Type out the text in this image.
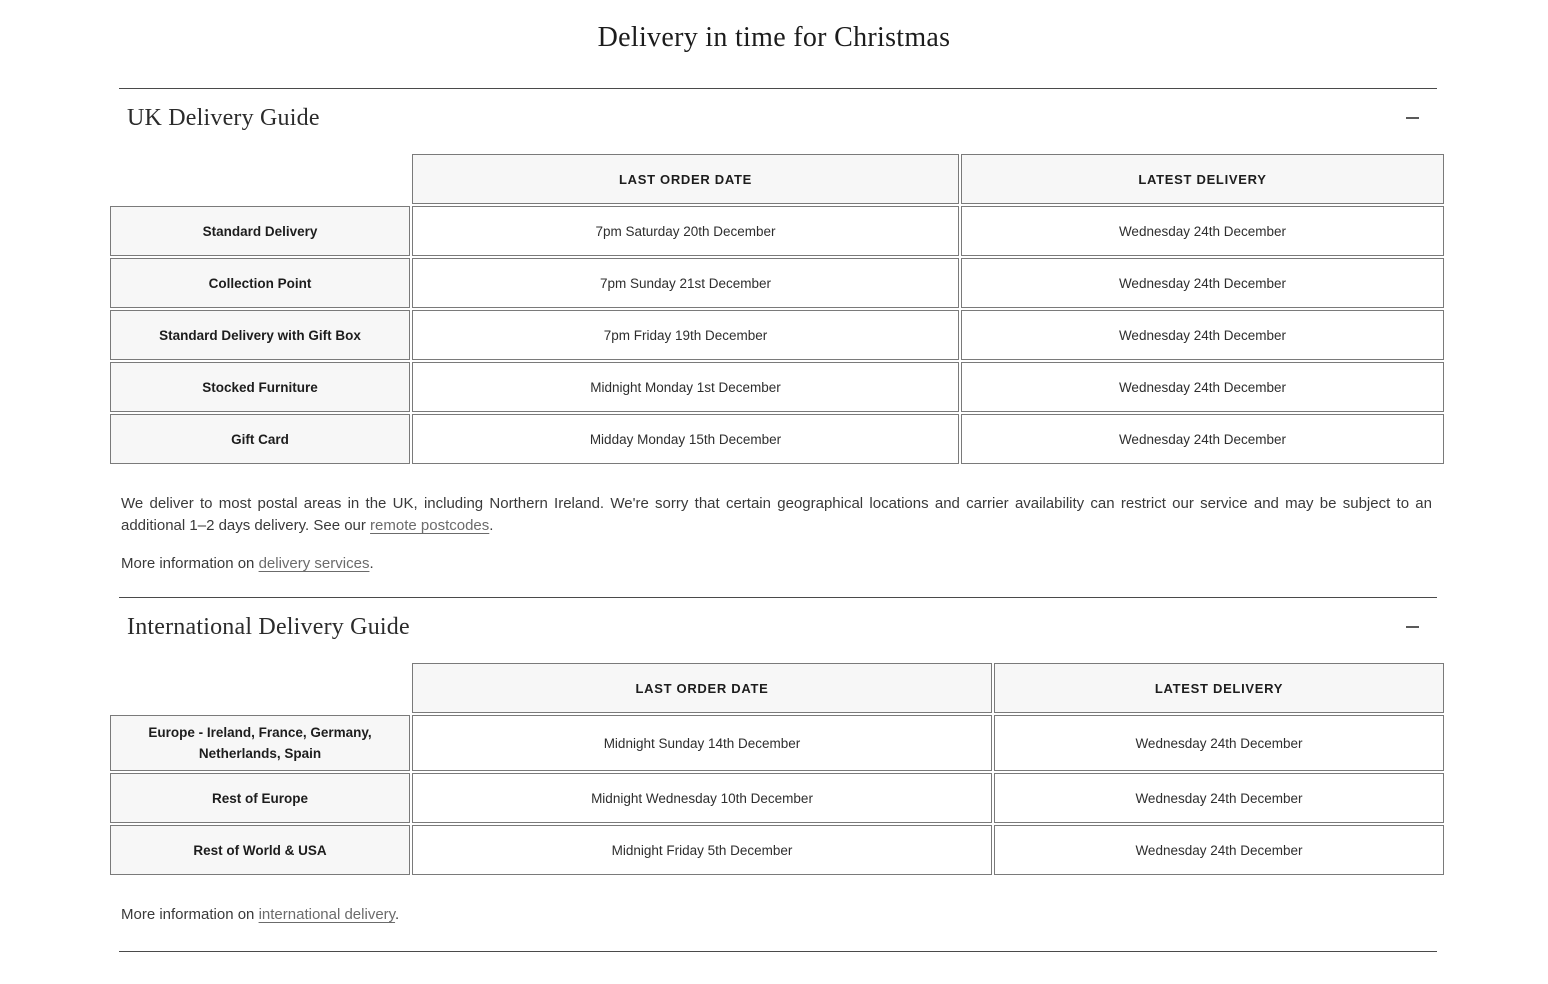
Delivery in time for Christmas
UK Delivery Guide
	LAST ORDER DATE	LATEST DELIVERY
Standard Delivery	7pm Saturday 20th December	Wednesday 24th December
Collection Point	7pm Sunday 21st December	Wednesday 24th December
Standard Delivery with Gift Box	7pm Friday 19th December	Wednesday 24th December
Stocked Furniture	Midnight Monday 1st December	Wednesday 24th December
Gift Card	Midday Monday 15th December	Wednesday 24th December

We deliver to most postal areas in the UK, including Northern Ireland. We're sorry that certain geographical locations and carrier availability can restrict our service and may be subject to an additional 1–2 days delivery. See our remote postcodes.

More information on delivery services.

International Delivery Guide
	LAST ORDER DATE	LATEST DELIVERY
Europe - Ireland, France, Germany, Netherlands, Spain	Midnight Sunday 14th December	Wednesday 24th December
Rest of Europe	Midnight Wednesday 10th December	Wednesday 24th December
Rest of World & USA	Midnight Friday 5th December	Wednesday 24th December

More information on international delivery.
